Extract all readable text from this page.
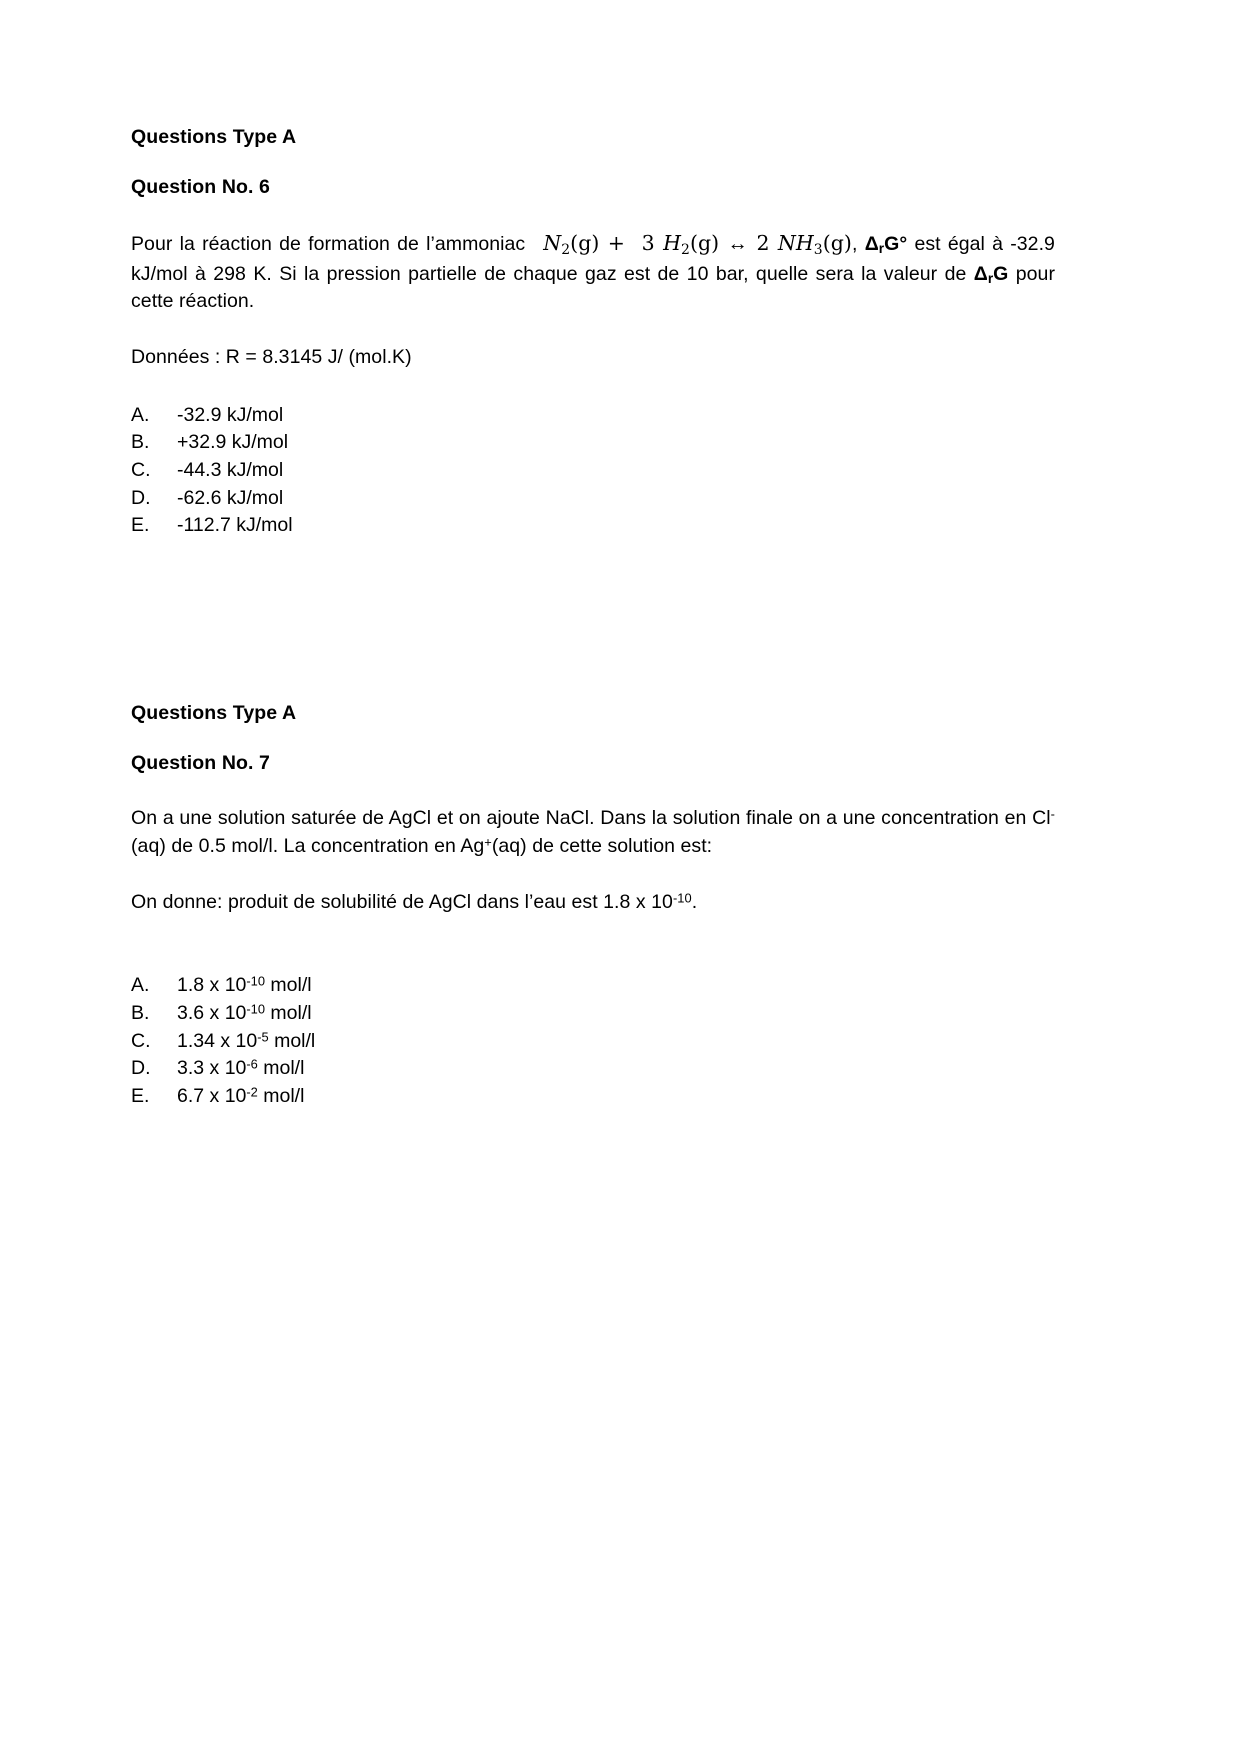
Questions Type A
Question No. 6

Pour la réaction de formation de l’ammoniac $N_2(g) + 3$ $H_2(g)$ ↔ 2 $NH_3(g)$, $\Delta_rG^\circ$ est égal à -32.9 kJ/mol à 298 K. Si la pression partielle de chaque gaz est de 10 bar, quelle sera la valeur de $\Delta_rG$ pour cette réaction.

Données : R = 8.3145 J/ (mol.K)

A.	-32.9 kJ/mol
B.	+32.9 kJ/mol
C.	-44.3 kJ/mol
D.	-62.6 kJ/mol
E.	-112.7 kJ/mol
Questions Type A
Question No. 7

On a une solution saturée de AgCl et on ajoute NaCl. Dans la solution finale on a une concentration en Cl-(aq) de 0.5 mol/l. La concentration en Ag+(aq) de cette solution est:

On donne: produit de solubilité de AgCl dans l’eau est 1.8 x $10^{-10}$.

A.	1.8 x $10^{-10}$ mol/l
B.	3.6 x $10^{-10}$ mol/l
C.	1.34 x $10^{-5}$ mol/l
D.	3.3 x $10^{-6}$ mol/l
E.	6.7 x $10^{-2}$ mol/l
